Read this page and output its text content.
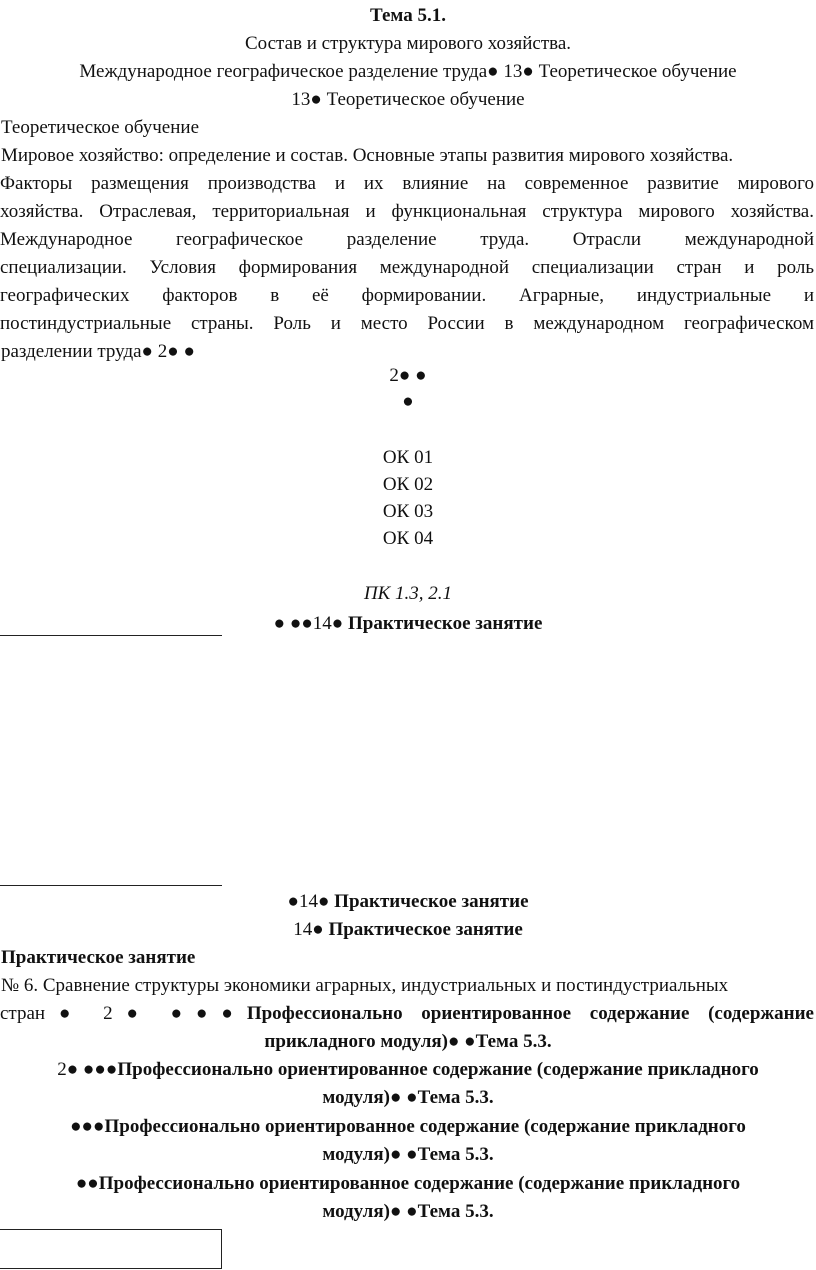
Тема 5.1.
Состав и структура мирового хозяйства.
Международное географическое разделение труда● 13● Теоретическое обучение
13● Теоретическое обучение
Теоретическое обучение
Мировое хозяйство: определение и состав. Основные этапы развития мирового хозяйства.
Факторы размещения производства и их влияние на современное развитие мирового
хозяйства. Отраслевая, территориальная и функциональная структура мирового хозяйства.
Международное географическое разделение труда. Отрасли международной
специализации. Условия формирования международной специализации стран и роль
географических факторов в её формировании. Аграрные, индустриальные и
постиндустриальные страны. Роль и место России в международном географическом
разделении труда● 2● ●
2● ●
●
ОК 01
ОК 02
ОК 03
ОК 04
ПК 1.3, 2.1
● ●●14● Практическое занятие
●14● Практическое занятие
14● Практическое занятие
Практическое занятие
№ 6. Сравнение структуры экономики аграрных, индустриальных и постиндустриальных
стран● 2● ●●●Профессионально ориентированное содержание (содержание
прикладного модуля)● ●Тема 5.3.
2● ●●●Профессионально ориентированное содержание (содержание прикладного
модуля)● ●Тема 5.3.
●●●Профессионально ориентированное содержание (содержание прикладного
модуля)● ●Тема 5.3.
●●Профессионально ориентированное содержание (содержание прикладного
модуля)● ●Тема 5.3.
